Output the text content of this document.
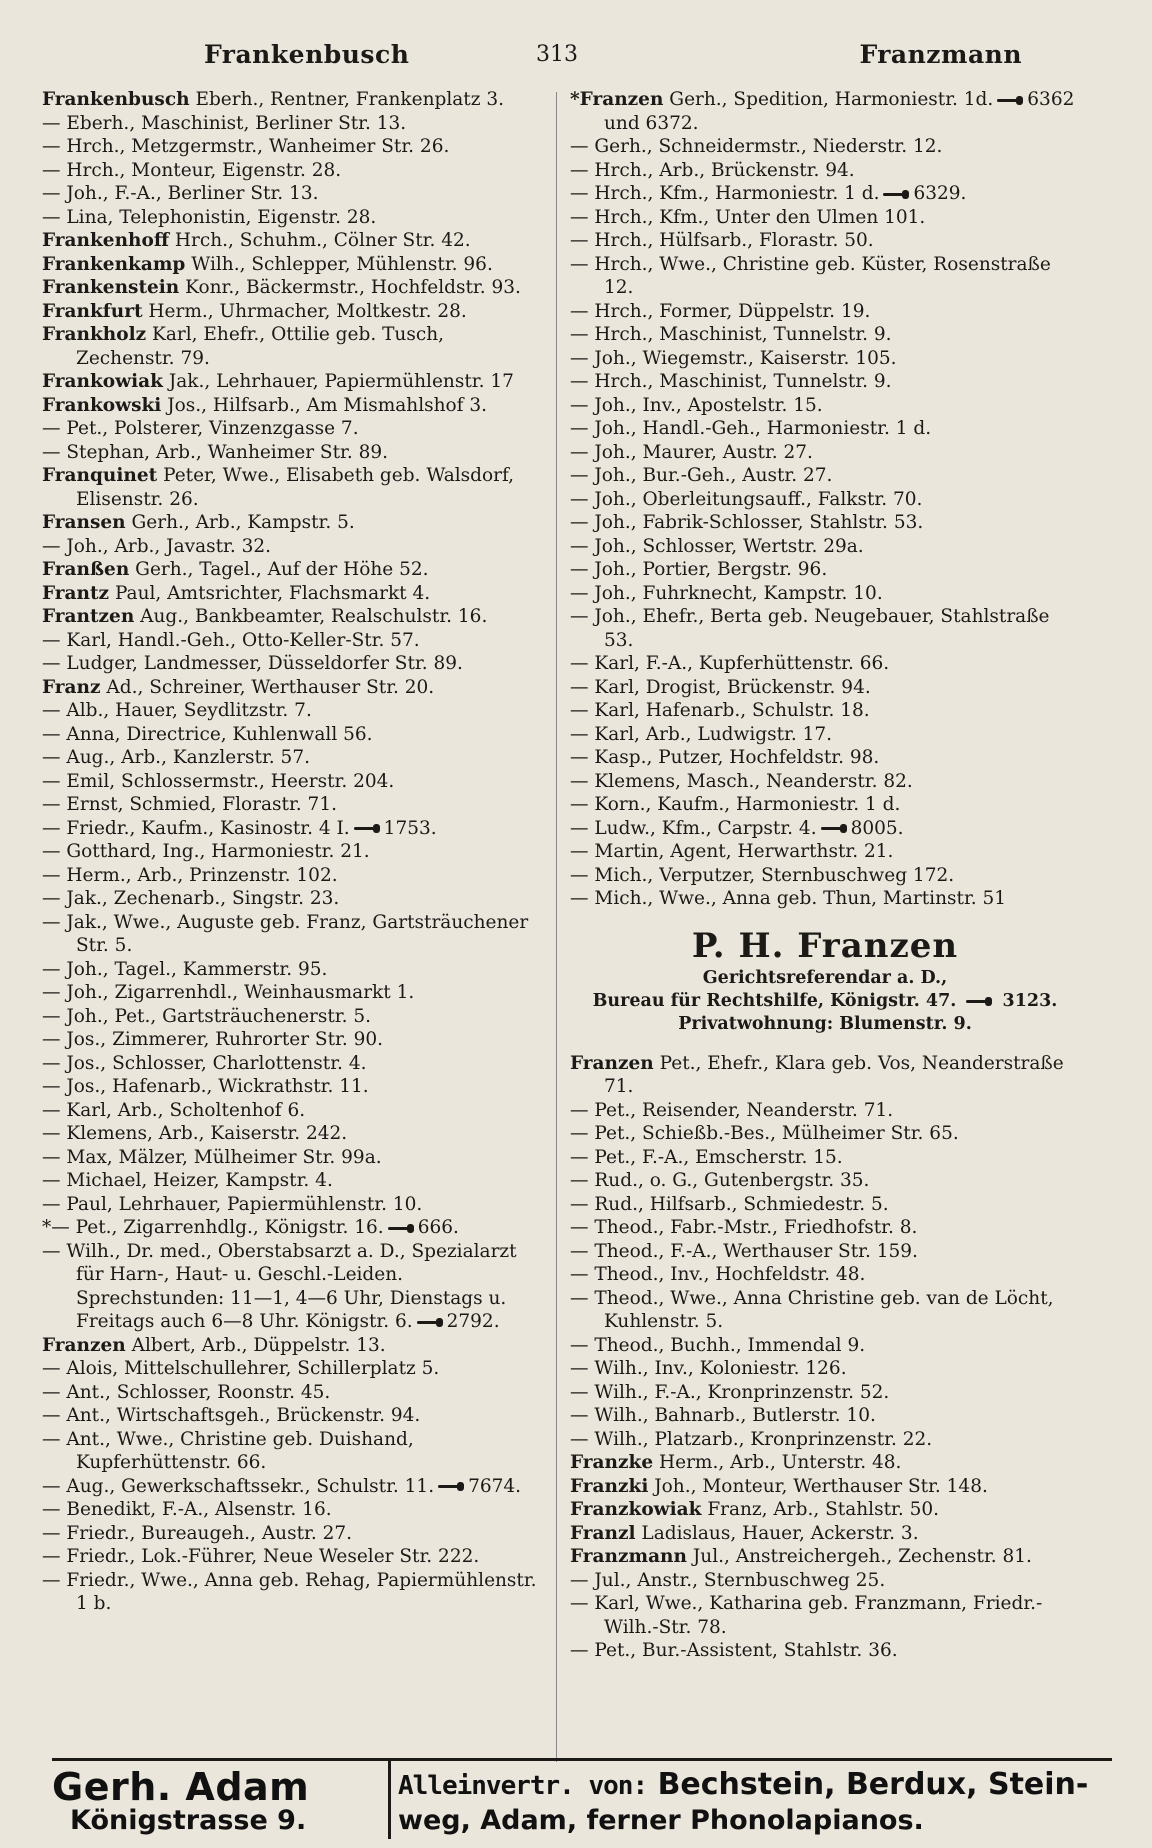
Frankenbusch	313	Franzmann
Frankenbusch Eberh., Rentner, Frankenplatz 3.
— Eberh., Maschinist, Berliner Str. 13.
— Hrch., Metzgermstr., Wanheimer Str. 26.
— Hrch., Monteur, Eigenstr. 28.
— Joh., F.-A., Berliner Str. 13.
— Lina, Telephonistin, Eigenstr. 28.
Frankenhoff Hrch., Schuhm., Cölner Str. 42.
Frankenkamp Wilh., Schlepper, Mühlenstr. 96.
Frankenstein Konr., Bäckermstr., Hochfeldstr. 93.
Frankfurt Herm., Uhrmacher, Moltkestr. 28.
Frankholz Karl, Ehefr., Ottilie geb. Tusch, Zechenstr. 79.
Frankowiak Jak., Lehrhauer, Papiermühlenstr. 17
Frankowski Jos., Hilfsarb., Am Mismahlshof 3.
— Pet., Polsterer, Vinzenzgasse 7.
— Stephan, Arb., Wanheimer Str. 89.
Franquinet Peter, Wwe., Elisabeth geb. Walsdorf, Elisenstr. 26.
Fransen Gerh., Arb., Kampstr. 5.
— Joh., Arb., Javastr. 32.
Franßen Gerh., Tagel., Auf der Höhe 52.
Frantz Paul, Amtsrichter, Flachsmarkt 4.
Frantzen Aug., Bankbeamter, Realschulstr. 16.
— Karl, Handl.-Geh., Otto-Keller-Str. 57.
— Ludger, Landmesser, Düsseldorfer Str. 89.
Franz Ad., Schreiner, Werthauser Str. 20.
— Alb., Hauer, Seydlitzstr. 7.
— Anna, Directrice, Kuhlenwall 56.
— Aug., Arb., Kanzlerstr. 57.
— Emil, Schlossermstr., Heerstr. 204.
— Ernst, Schmied, Florastr. 71.
— Friedr., Kaufm., Kasinostr. 4 I. 1753.
— Gotthard, Ing., Harmoniestr. 21.
— Herm., Arb., Prinzenstr. 102.
— Jak., Zechenarb., Singstr. 23.
— Jak., Wwe., Auguste geb. Franz, Gartsträuchener Str. 5.
— Joh., Tagel., Kammerstr. 95.
— Joh., Zigarrenhdl., Weinhausmarkt 1.
— Joh., Pet., Gartsträuchenerstr. 5.
— Jos., Zimmerer, Ruhrorter Str. 90.
— Jos., Schlosser, Charlottenstr. 4.
— Jos., Hafenarb., Wickrathstr. 11.
— Karl, Arb., Scholtenhof 6.
— Klemens, Arb., Kaiserstr. 242.
— Max, Mälzer, Mülheimer Str. 99a.
— Michael, Heizer, Kampstr. 4.
— Paul, Lehrhauer, Papiermühlenstr. 10.
*— Pet., Zigarrenhdlg., Königstr. 16. 666.
— Wilh., Dr. med., Oberstabsarzt a. D., Spezialarzt für Harn-, Haut- u. Geschl.-Leiden. Sprechstunden: 11—1, 4—6 Uhr, Dienstags u. Freitags auch 6—8 Uhr. Königstr. 6. 2792.
Franzen Albert, Arb., Düppelstr. 13.
— Alois, Mittelschullehrer, Schillerplatz 5.
— Ant., Schlosser, Roonstr. 45.
— Ant., Wirtschaftsgeh., Brückenstr. 94.
— Ant., Wwe., Christine geb. Duishand, Kupferhüttenstr. 66.
— Aug., Gewerkschaftssekr., Schulstr. 11. 7674.
— Benedikt, F.-A., Alsenstr. 16.
— Friedr., Bureaugeh., Austr. 27.
— Friedr., Lok.-Führer, Neue Weseler Str. 222.
— Friedr., Wwe., Anna geb. Rehag, Papiermühlenstr. 1 b.
*Franzen Gerh., Spedition, Harmoniestr. 1d. 6362 und 6372.
— Gerh., Schneidermstr., Niederstr. 12.
— Hrch., Arb., Brückenstr. 94.
— Hrch., Kfm., Harmoniestr. 1 d. 6329.
— Hrch., Kfm., Unter den Ulmen 101.
— Hrch., Hülfsarb., Florastr. 50.
— Hrch., Wwe., Christine geb. Küster, Rosenstraße 12.
— Hrch., Former, Düppelstr. 19.
— Hrch., Maschinist, Tunnelstr. 9.
— Joh., Wiegemstr., Kaiserstr. 105.
— Hrch., Maschinist, Tunnelstr. 9.
— Joh., Inv., Apostelstr. 15.
— Joh., Handl.-Geh., Harmoniestr. 1 d.
— Joh., Maurer, Austr. 27.
— Joh., Bur.-Geh., Austr. 27.
— Joh., Oberleitungsauff., Falkstr. 70.
— Joh., Fabrik-Schlosser, Stahlstr. 53.
— Joh., Schlosser, Wertstr. 29a.
— Joh., Portier, Bergstr. 96.
— Joh., Fuhrknecht, Kampstr. 10.
— Joh., Ehefr., Berta geb. Neugebauer, Stahlstraße 53.
— Karl, F.-A., Kupferhüttenstr. 66.
— Karl, Drogist, Brückenstr. 94.
— Karl, Hafenarb., Schulstr. 18.
— Karl, Arb., Ludwigstr. 17.
— Kasp., Putzer, Hochfeldstr. 98.
— Klemens, Masch., Neanderstr. 82.
— Korn., Kaufm., Harmoniestr. 1 d.
— Ludw., Kfm., Carpstr. 4. 8005.
— Martin, Agent, Herwarthstr. 21.
— Mich., Verputzer, Sternbuschweg 172.
— Mich., Wwe., Anna geb. Thun, Martinstr. 51
P. H. Franzen
Gerichtsreferendar a. D.,
Bureau für Rechtshilfe, Königstr. 47.	3123.
Privatwohnung: Blumenstr. 9.
Franzen Pet., Ehefr., Klara geb. Vos, Neanderstraße 71.
— Pet., Reisender, Neanderstr. 71.
— Pet., Schießb.-Bes., Mülheimer Str. 65.
— Pet., F.-A., Emscherstr. 15.
— Rud., o. G., Gutenbergstr. 35.
— Rud., Hilfsarb., Schmiedestr. 5.
— Theod., Fabr.-Mstr., Friedhofstr. 8.
— Theod., F.-A., Werthauser Str. 159.
— Theod., Inv., Hochfeldstr. 48.
— Theod., Wwe., Anna Christine geb. van de Löcht, Kuhlenstr. 5.
— Theod., Buchh., Immendal 9.
— Wilh., Inv., Koloniestr. 126.
— Wilh., F.-A., Kronprinzenstr. 52.
— Wilh., Bahnarb., Butlerstr. 10.
— Wilh., Platzarb., Kronprinzenstr. 22.
Franzke Herm., Arb., Unterstr. 48.
Franzki Joh., Monteur, Werthauser Str. 148.
Franzkowiak Franz, Arb., Stahlstr. 50.
Franzl Ladislaus, Hauer, Ackerstr. 3.
Franzmann Jul., Anstreichergeh., Zechenstr. 81.
— Jul., Anstr., Sternbuschweg 25.
— Karl, Wwe., Katharina geb. Franzmann, Friedr.-Wilh.-Str. 78.
— Pet., Bur.-Assistent, Stahlstr. 36.
Gerh. Adam
Königstrasse 9.
Alleinvertr. von: Bechstein, Berdux, Stein-
weg, Adam, ferner Phonolapianos.
